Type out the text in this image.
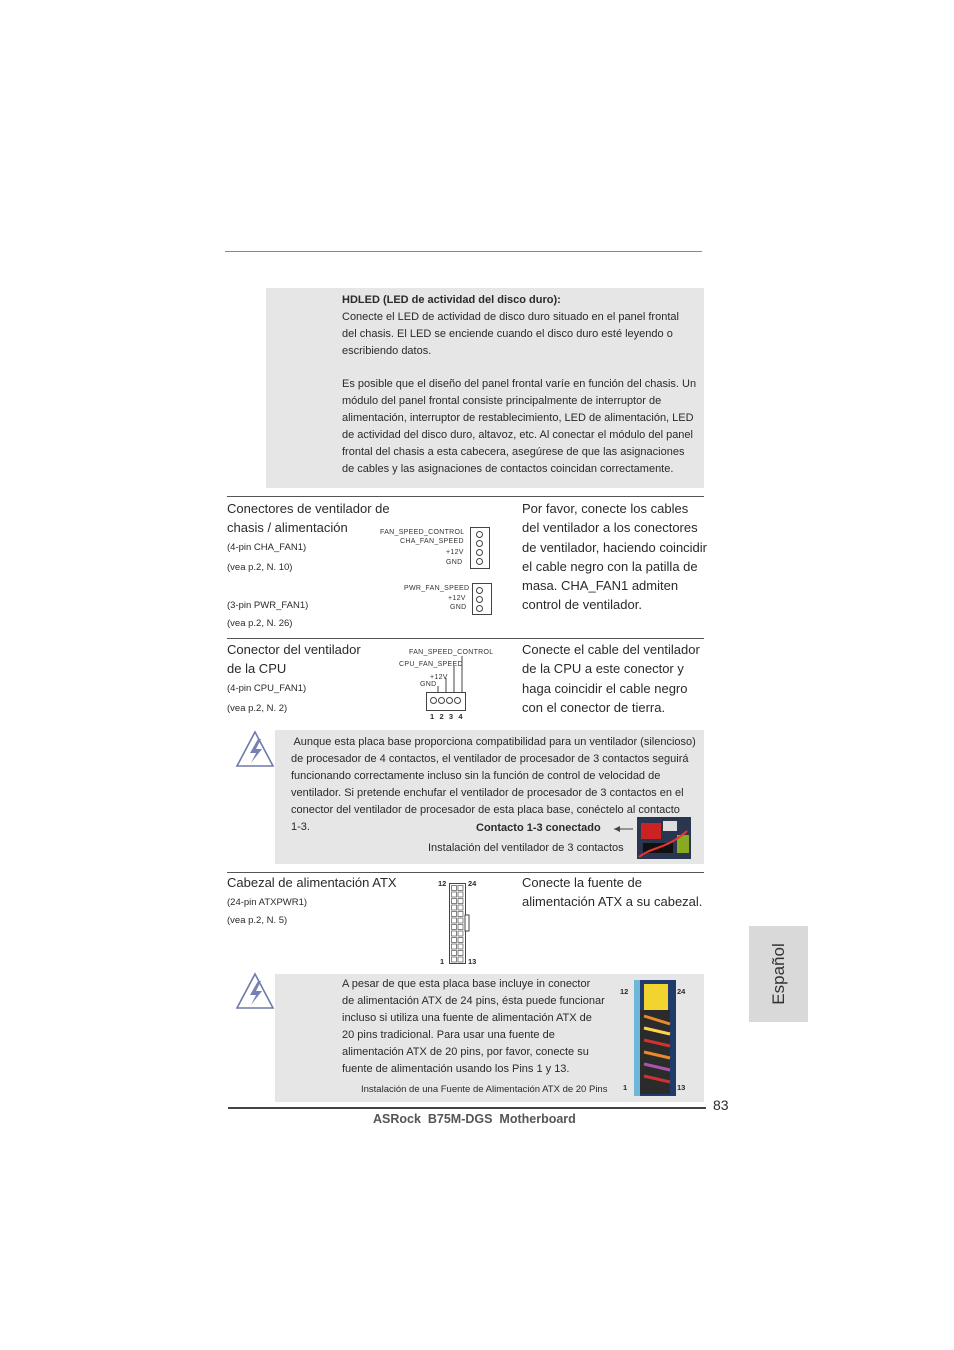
HDLED (LED de actividad del disco duro):
Conecte el LED de actividad de disco duro situado en el panel frontal
del chasis. El LED se enciende cuando el disco duro esté leyendo o
escribiendo datos.
Es posible que el diseño del panel frontal varíe en función del chasis. Un
módulo del panel frontal consiste principalmente de interruptor de
alimentación, interruptor de restablecimiento, LED de alimentación, LED
de actividad del disco duro, altavoz, etc. Al conectar el módulo del panel
frontal del chasis a esta cabecera, asegúrese de que las asignaciones
de cables y las asignaciones de contactos coincidan correctamente.
Conectores de ventilador de
chasis / alimentación
(4-pin CHA_FAN1)
(vea p.2, N. 10)
(3-pin PWR_FAN1)
(vea p.2, N. 26)
FAN_SPEED_CONTROL
CHA_FAN_SPEED
+12V
GND
PWR_FAN_SPEED
+12V
GND
Por favor, conecte los cables
del ventilador a los conectores
de ventilador, haciendo coincidir
el cable negro con la patilla de
masa. CHA_FAN1 admiten
control de ventilador.
Conector del ventilador
de la CPU
(4-pin CPU_FAN1)
(vea p.2, N. 2)
FAN_SPEED_CONTROL
CPU_FAN_SPEED
+12V
GND
1 2 3 4
Conecte el cable del ventilador
de la CPU a este conector y
haga coincidir el cable negro
con el conector de tierra.
Aunque esta placa base proporciona compatibilidad para un ventilador (silencioso)
de procesador de 4 contactos, el ventilador de procesador de 3 contactos seguirá
funcionando correctamente incluso sin la función de control de velocidad de
ventilador. Si pretende enchufar el ventilador de procesador de 3 contactos en el
conector del ventilador de procesador de esta placa base, conéctelo al contacto
1-3.	Contacto 1-3 conectado
Instalación del ventilador de 3 contactos
Cabezal de alimentación ATX
(24-pin ATXPWR1)
(vea p.2, N. 5)
12	24
1	13
Conecte la fuente de
alimentación ATX a su cabezal.
A pesar de que esta placa base incluye in conector
de alimentación ATX de 24 pins, ésta puede funcionar
incluso si utiliza una fuente de alimentación ATX de
20 pins tradicional. Para usar una fuente de
alimentación ATX de 20 pins, por favor, conecte su
fuente de alimentación usando los Pins 1 y 13.
Instalación de una Fuente de Alimentación ATX de 20 Pins
12	24
1	13
Español
83
ASRock  B75M-DGS  Motherboard
